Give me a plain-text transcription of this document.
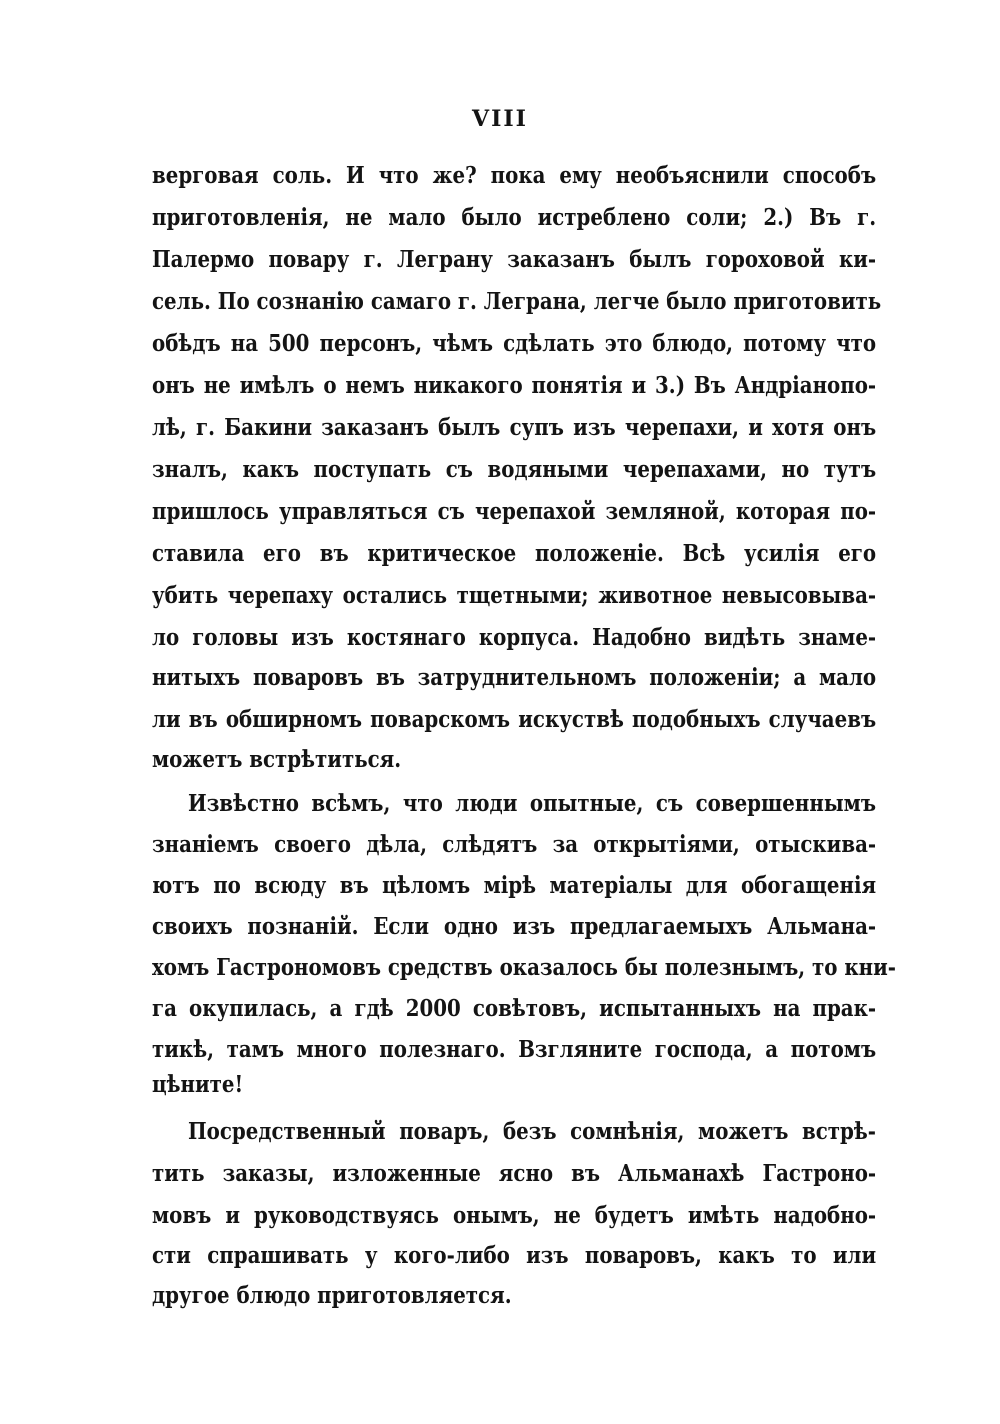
VIII
верговая соль. И что же? пока ему необъяснили способъ
приготовленія, не мало было истреблено соли; 2.) Въ г.
Палермо повару г. Леграну заказанъ былъ гороховой ки-
сель. По сознанію самаго г. Леграна, легче было приготовить
обѣдъ на 500 персонъ, чѣмъ сдѣлать это блюдо, потому что
онъ не имѣлъ о немъ никакого понятія и 3.) Въ Андріанопо-
лѣ, г. Бакини заказанъ былъ супъ изъ черепахи, и хотя онъ
зналъ, какъ поступать съ водяными черепахами, но тутъ
пришлось управляться съ черепахой земляной, которая по-
ставила его въ критическое положеніе. Всѣ усилія его
убить черепаху остались тщетными; животное невысовыва-
ло головы изъ костянаго корпуса. Надобно видѣть знаме-
нитыхъ поваровъ въ затруднительномъ положеніи; а мало
ли въ обширномъ поварскомъ искуствѣ подобныхъ случаевъ
можетъ встрѣтиться.
Извѣстно всѣмъ, что люди опытные, съ совершеннымъ
знаніемъ своего дѣла, слѣдятъ за открытіями, отыскива-
ютъ по всюду въ цѣломъ мірѣ матеріалы для обогащенія
своихъ познаній. Если одно изъ предлагаемыхъ Альмана-
хомъ Гастрономовъ средствъ оказалось бы полезнымъ, то кни-
га окупилась, а гдѣ 2000 совѣтовъ, испытанныхъ на прак-
тикѣ, тамъ много полезнаго. Взгляните господа, а потомъ
цѣните!
Посредственный поваръ, безъ сомнѣнія, можетъ встрѣ-
тить заказы, изложенные ясно въ Альманахѣ Гастроно-
мовъ и руководствуясь онымъ, не будетъ имѣть надобно-
сти спрашивать у кого-либо изъ поваровъ, какъ то или
другое блюдо приготовляется.
